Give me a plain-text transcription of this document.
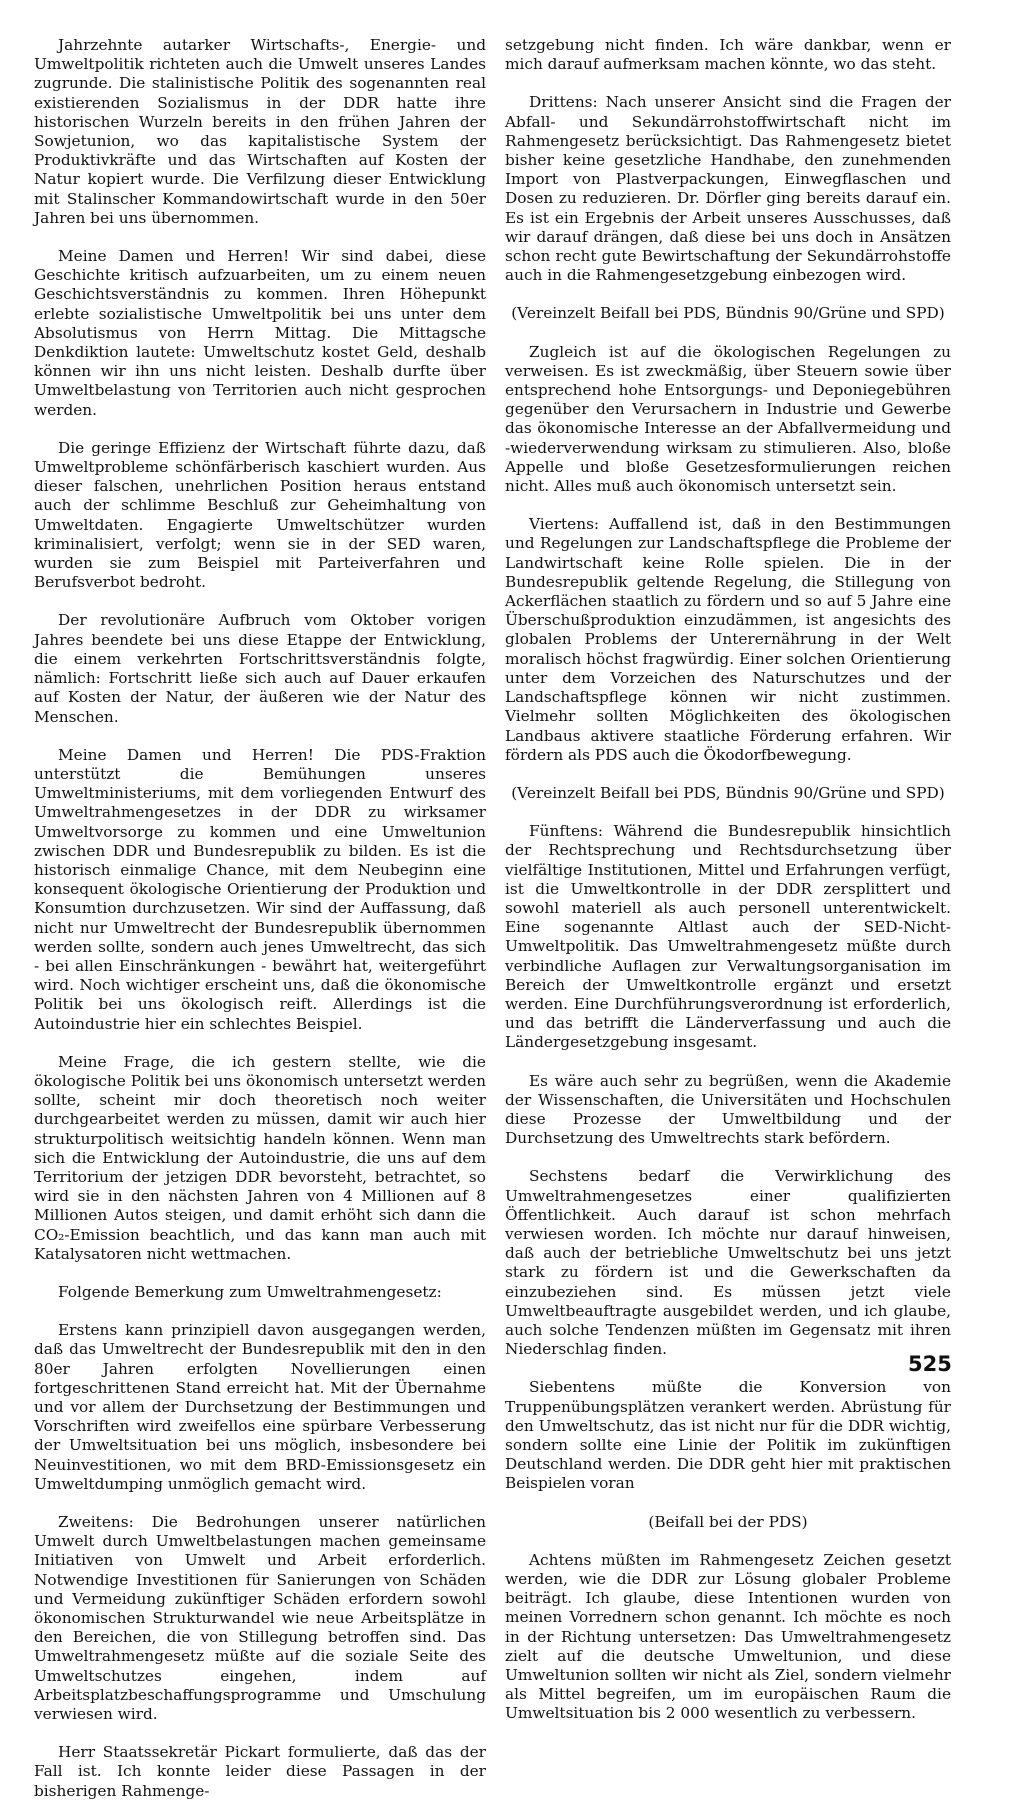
Jahrzehnte autarker Wirtschafts-, Energie- und Umweltpolitik richteten auch die Umwelt unseres Landes zugrunde. Die stalinistische Politik des sogenannten real existierenden Sozialismus in der DDR hatte ihre historischen Wurzeln bereits in den frühen Jahren der Sowjetunion, wo das kapitalistische System der Produktivkräfte und das Wirtschaften auf Kosten der Natur kopiert wurde. Die Verfilzung dieser Entwicklung mit Stalinscher Kommandowirtschaft wurde in den 50er Jahren bei uns übernommen.

Meine Damen und Herren! Wir sind dabei, diese Geschichte kritisch aufzuarbeiten, um zu einem neuen Geschichtsverständnis zu kommen. Ihren Höhepunkt erlebte sozialistische Umweltpolitik bei uns unter dem Absolutismus von Herrn Mittag. Die Mittagsche Denkdiktion lautete: Umweltschutz kostet Geld, deshalb können wir ihn uns nicht leisten. Deshalb durfte über Umweltbelastung von Territorien auch nicht gesprochen werden.

Die geringe Effizienz der Wirtschaft führte dazu, daß Umweltprobleme schönfärberisch kaschiert wurden. Aus dieser falschen, unehrlichen Position heraus entstand auch der schlimme Beschluß zur Geheimhaltung von Umweltdaten. Engagierte Umweltschützer wurden kriminalisiert, verfolgt; wenn sie in der SED waren, wurden sie zum Beispiel mit Parteiverfahren und Berufsverbot bedroht.

Der revolutionäre Aufbruch vom Oktober vorigen Jahres beendete bei uns diese Etappe der Entwicklung, die einem verkehrten Fortschrittsverständnis folgte, nämlich: Fortschritt ließe sich auch auf Dauer erkaufen auf Kosten der Natur, der äußeren wie der Natur des Menschen.

Meine Damen und Herren! Die PDS-Fraktion unterstützt die Bemühungen unseres Umweltministeriums, mit dem vorliegenden Entwurf des Umweltrahmengesetzes in der DDR zu wirksamer Umweltvorsorge zu kommen und eine Umweltunion zwischen DDR und Bundesrepublik zu bilden. Es ist die historisch einmalige Chance, mit dem Neubeginn eine konsequent ökologische Orientierung der Produktion und Konsumtion durchzusetzen. Wir sind der Auffassung, daß nicht nur Umweltrecht der Bundesrepublik übernommen werden sollte, sondern auch jenes Umweltrecht, das sich - bei allen Einschränkungen - bewährt hat, weitergeführt wird. Noch wichtiger erscheint uns, daß die ökonomische Politik bei uns ökologisch reift. Allerdings ist die Autoindustrie hier ein schlechtes Beispiel.

Meine Frage, die ich gestern stellte, wie die ökologische Politik bei uns ökonomisch untersetzt werden sollte, scheint mir doch theoretisch noch weiter durchgearbeitet werden zu müssen, damit wir auch hier strukturpolitisch weitsichtig handeln können. Wenn man sich die Entwicklung der Autoindustrie, die uns auf dem Territorium der jetzigen DDR bevorsteht, betrachtet, so wird sie in den nächsten Jahren von 4 Millionen auf 8 Millionen Autos steigen, und damit erhöht sich dann die CO₂-Emission beachtlich, und das kann man auch mit Katalysatoren nicht wettmachen.

Folgende Bemerkung zum Umweltrahmengesetz:

Erstens kann prinzipiell davon ausgegangen werden, daß das Umweltrecht der Bundesrepublik mit den in den 80er Jahren erfolgten Novellierungen einen fortgeschrittenen Stand erreicht hat. Mit der Übernahme und vor allem der Durchsetzung der Bestimmungen und Vorschriften wird zweifellos eine spürbare Verbesserung der Umweltsituation bei uns möglich, insbesondere bei Neuinvestitionen, wo mit dem BRD-Emissionsgesetz ein Umweltdumping unmöglich gemacht wird.

Zweitens: Die Bedrohungen unserer natürlichen Umwelt durch Umweltbelastungen machen gemeinsame Initiativen von Umwelt und Arbeit erforderlich. Notwendige Investitionen für Sanierungen von Schäden und Vermeidung zukünftiger Schäden erfordern sowohl ökonomischen Strukturwandel wie neue Arbeitsplätze in den Bereichen, die von Stillegung betroffen sind. Das Umweltrahmengesetz müßte auf die soziale Seite des Umweltschutzes eingehen, indem auf Arbeitsplatzbeschaffungsprogramme und Umschulung verwiesen wird.

Herr Staatssekretär Pickart formulierte, daß das der Fall ist. Ich konnte leider diese Passagen in der bisherigen Rahmenge-

setzgebung nicht finden. Ich wäre dankbar, wenn er mich darauf aufmerksam machen könnte, wo das steht.

Drittens: Nach unserer Ansicht sind die Fragen der Abfall- und Sekundärrohstoffwirtschaft nicht im Rahmengesetz berücksichtigt. Das Rahmengesetz bietet bisher keine gesetzliche Handhabe, den zunehmenden Import von Plastverpackungen, Einwegflaschen und Dosen zu reduzieren. Dr. Dörfler ging bereits darauf ein. Es ist ein Ergebnis der Arbeit unseres Ausschusses, daß wir darauf drängen, daß diese bei uns doch in Ansätzen schon recht gute Bewirtschaftung der Sekundärrohstoffe auch in die Rahmengesetzgebung einbezogen wird.

(Vereinzelt Beifall bei PDS, Bündnis 90/Grüne und SPD)

Zugleich ist auf die ökologischen Regelungen zu verweisen. Es ist zweckmäßig, über Steuern sowie über entsprechend hohe Entsorgungs- und Deponiegebühren gegenüber den Verursachern in Industrie und Gewerbe das ökonomische Interesse an der Abfallvermeidung und -wiederverwendung wirksam zu stimulieren. Also, bloße Appelle und bloße Gesetzesformulierungen reichen nicht. Alles muß auch ökonomisch untersetzt sein.

Viertens: Auffallend ist, daß in den Bestimmungen und Regelungen zur Landschaftspflege die Probleme der Landwirtschaft keine Rolle spielen. Die in der Bundesrepublik geltende Regelung, die Stillegung von Ackerflächen staatlich zu fördern und so auf 5 Jahre eine Überschußproduktion einzudämmen, ist angesichts des globalen Problems der Unterernährung in der Welt moralisch höchst fragwürdig. Einer solchen Orientierung unter dem Vorzeichen des Naturschutzes und der Landschaftspflege können wir nicht zustimmen. Vielmehr sollten Möglichkeiten des ökologischen Landbaus aktivere staatliche Förderung erfahren. Wir fördern als PDS auch die Ökodorfbewegung.

(Vereinzelt Beifall bei PDS, Bündnis 90/Grüne und SPD)

Fünftens: Während die Bundesrepublik hinsichtlich der Rechtsprechung und Rechtsdurchsetzung über vielfältige Institutionen, Mittel und Erfahrungen verfügt, ist die Umweltkontrolle in der DDR zersplittert und sowohl materiell als auch personell unterentwickelt. Eine sogenannte Altlast auch der SED-Nicht-Umweltpolitik. Das Umweltrahmengesetz müßte durch verbindliche Auflagen zur Verwaltungsorganisation im Bereich der Umweltkontrolle ergänzt und ersetzt werden. Eine Durchführungsverordnung ist erforderlich, und das betrifft die Länderverfassung und auch die Ländergesetzgebung insgesamt.

Es wäre auch sehr zu begrüßen, wenn die Akademie der Wissenschaften, die Universitäten und Hochschulen diese Prozesse der Umweltbildung und der Durchsetzung des Umweltrechts stark befördern.

Sechstens bedarf die Verwirklichung des Umweltrahmengesetzes einer qualifizierten Öffentlichkeit. Auch darauf ist schon mehrfach verwiesen worden. Ich möchte nur darauf hinweisen, daß auch der betriebliche Umweltschutz bei uns jetzt stark zu fördern ist und die Gewerkschaften da einzubeziehen sind. Es müssen jetzt viele Umweltbeauftragte ausgebildet werden, und ich glaube, auch solche Tendenzen müßten im Gegensatz mit ihren Niederschlag finden.

Siebentens müßte die Konversion von Truppenübungsplätzen verankert werden. Abrüstung für den Umweltschutz, das ist nicht nur für die DDR wichtig, sondern sollte eine Linie der Politik im zukünftigen Deutschland werden. Die DDR geht hier mit praktischen Beispielen voran

(Beifall bei der PDS)

Achtens müßten im Rahmengesetz Zeichen gesetzt werden, wie die DDR zur Lösung globaler Probleme beiträgt. Ich glaube, diese Intentionen wurden von meinen Vorrednern schon genannt. Ich möchte es noch in der Richtung untersetzen: Das Umweltrahmengesetz zielt auf die deutsche Umweltunion, und diese Umweltunion sollten wir nicht als Ziel, sondern vielmehr als Mittel begreifen, um im europäischen Raum die Umweltsituation bis 2 000 wesentlich zu verbessern.

525
